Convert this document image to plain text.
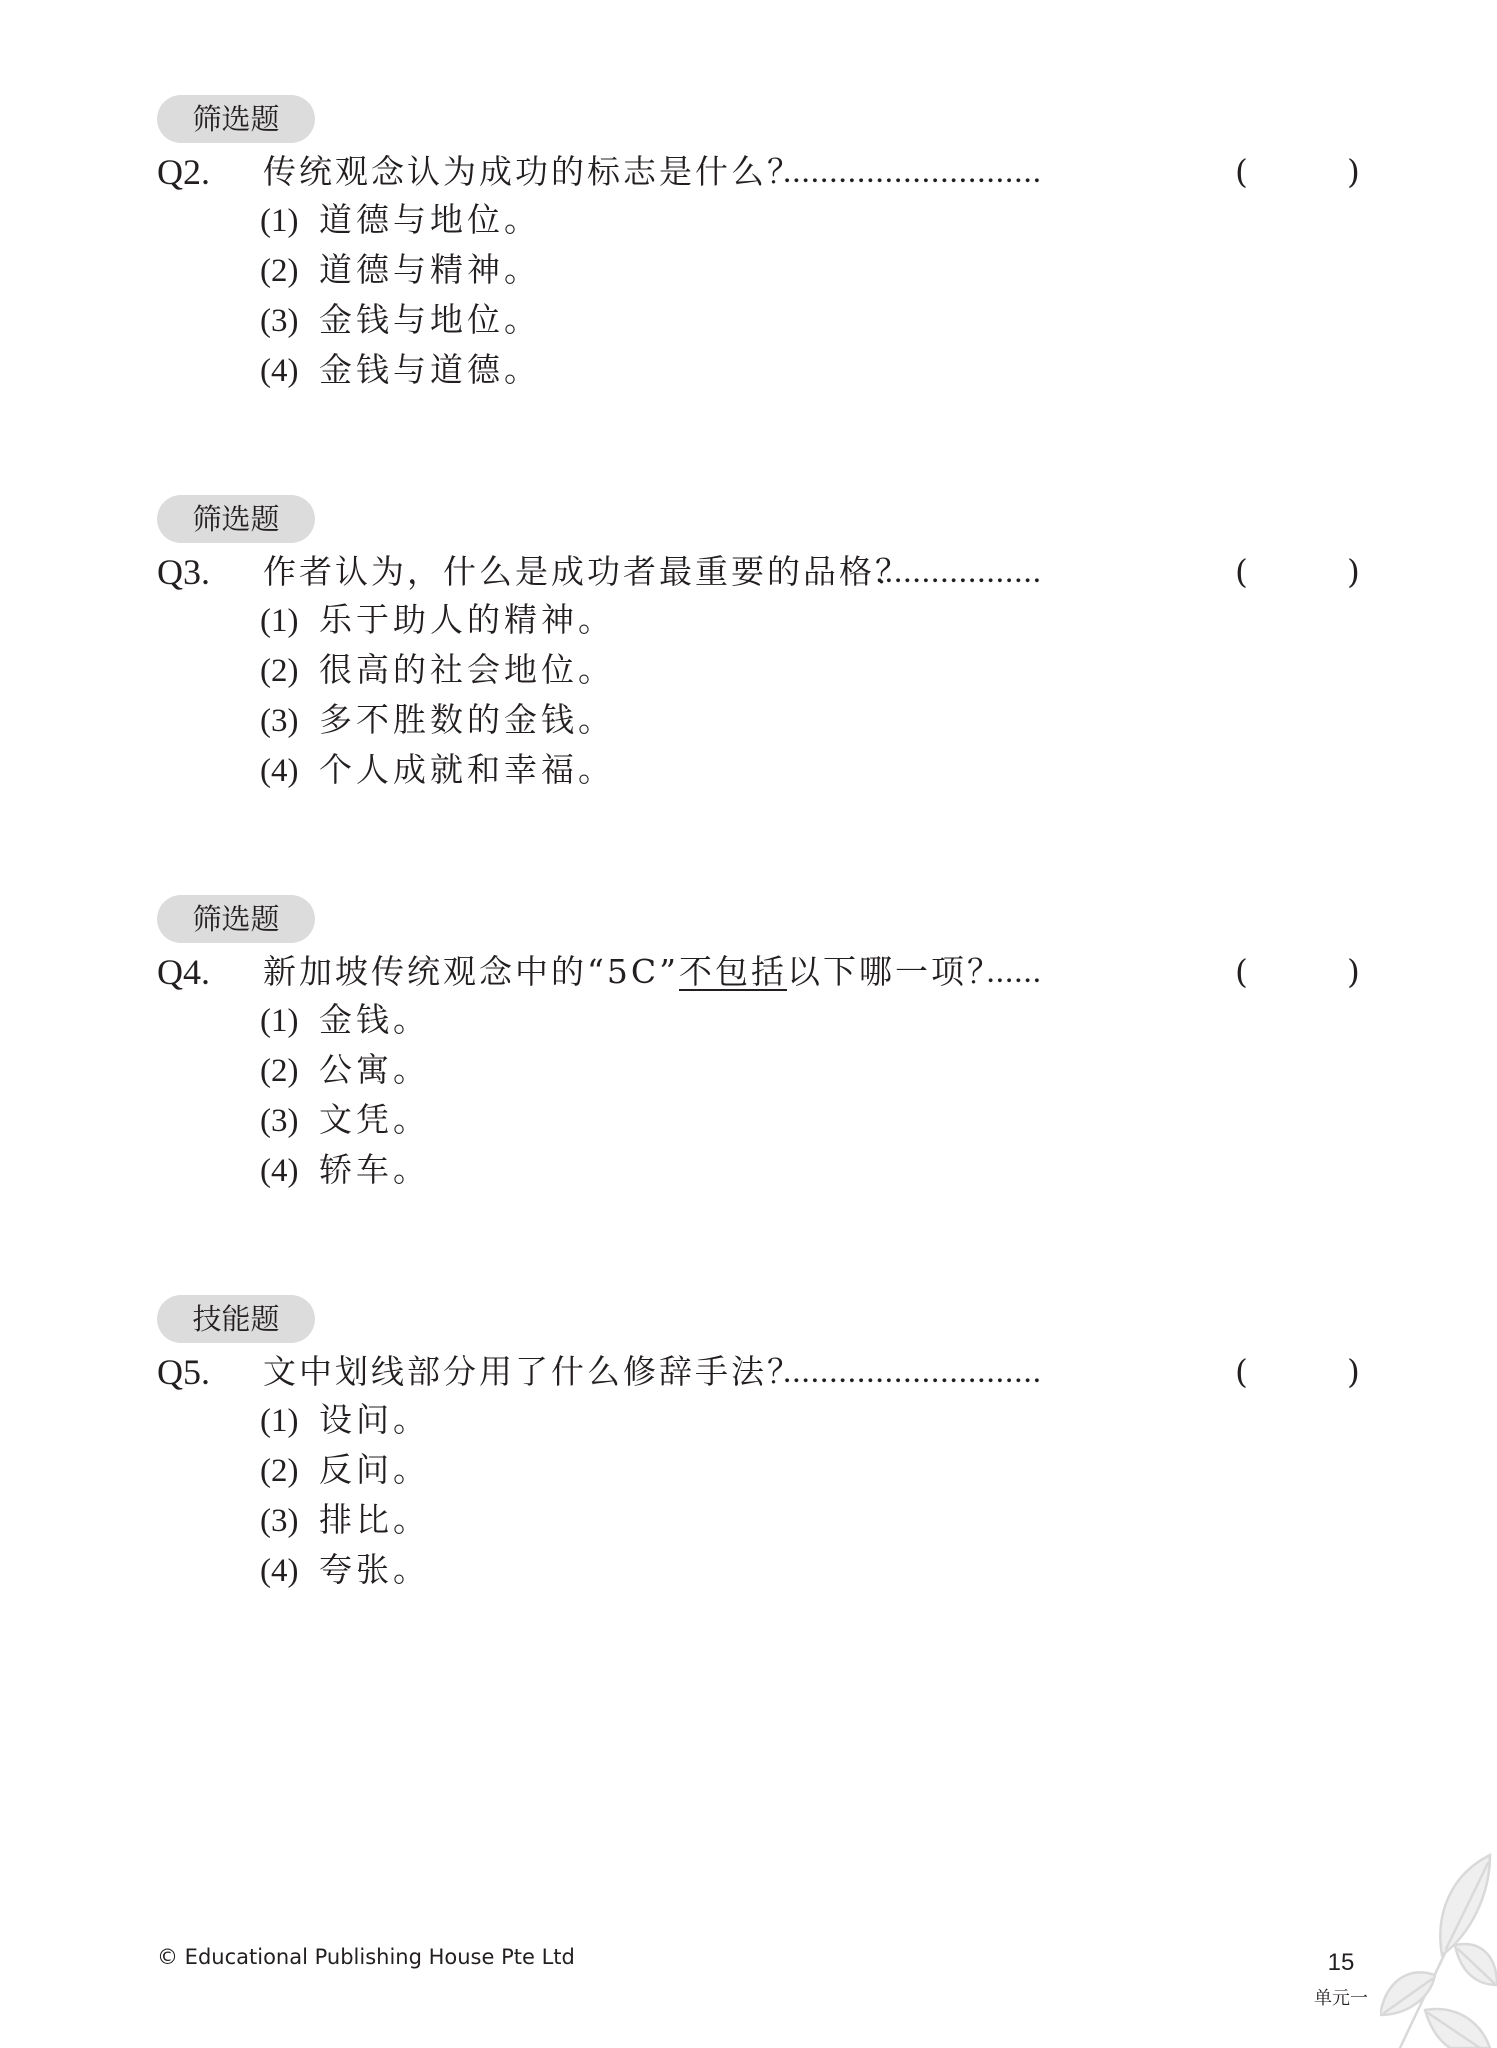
筛选题
Q2. 传统观念认为成功的标志是什么？
............................	(	)
(1) 道德与地位。
(2) 道德与精神。
(3) 金钱与地位。
(4) 金钱与道德。
筛选题
Q3. 作者认为，什么是成功者最重要的品格？
..................	(	)
(1) 乐于助人的精神。
(2) 很高的社会地位。
(3) 多不胜数的金钱。
(4) 个人成就和幸福。
筛选题
Q4. 新加坡传统观念中的“5C”不包括以下哪一项？
......	(	)
(1) 金钱。
(2) 公寓。
(3) 文凭。
(4) 轿车。
技能题
Q5. 文中划线部分用了什么修辞手法？
............................	(	)
(1) 设问。
(2) 反问。
(3) 排比。
(4) 夸张。
© Educational Publishing House Pte Ltd	15
单元一
